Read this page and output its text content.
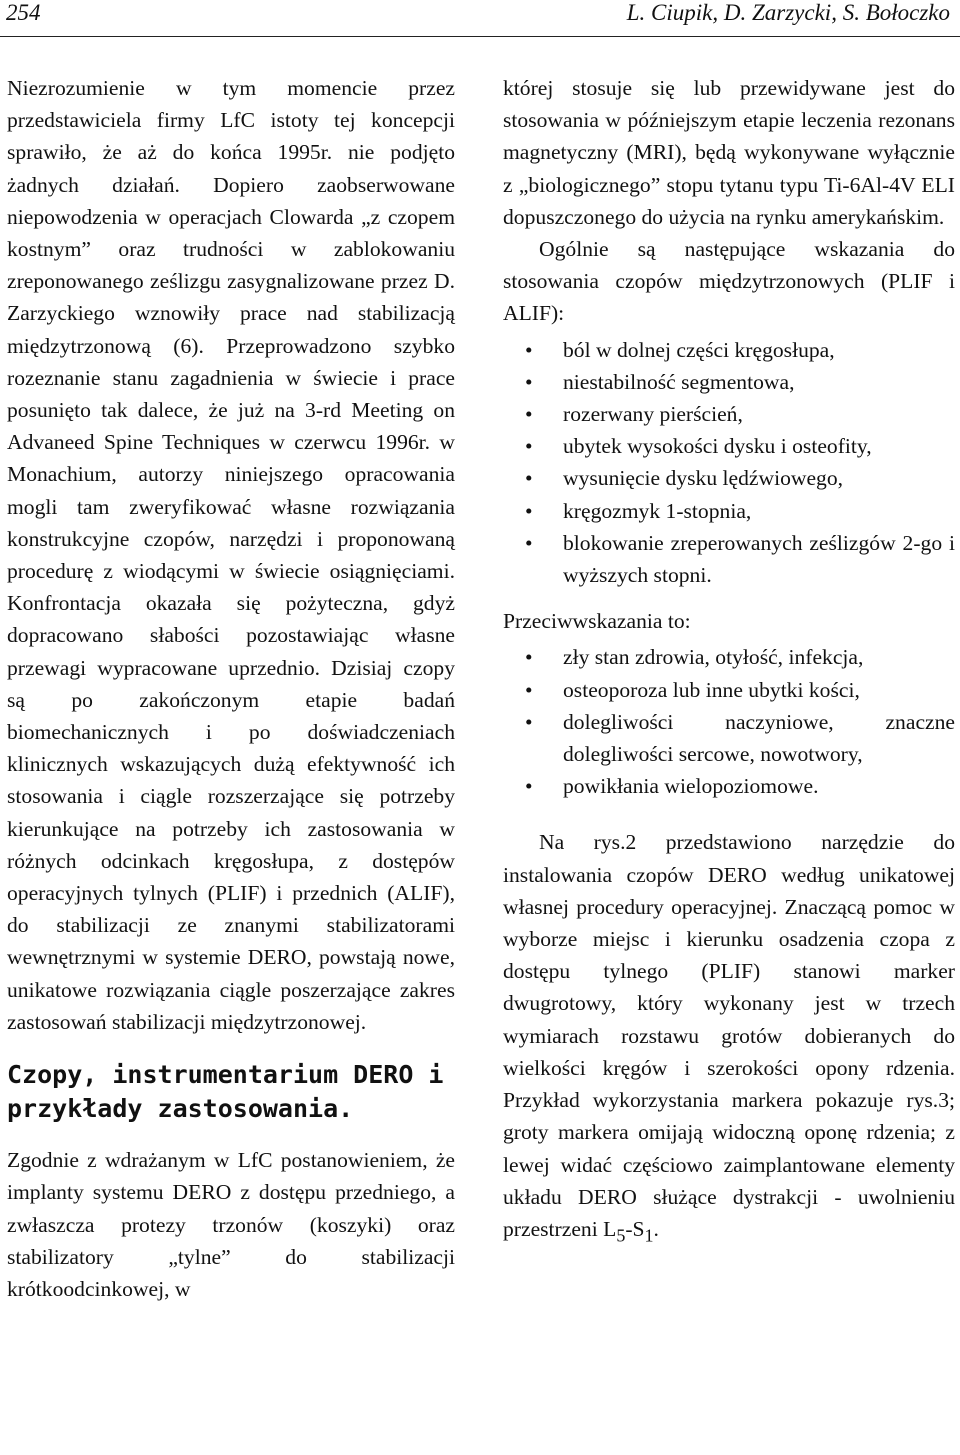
254	L. Ciupik, D. Zarzycki, S. Bołoczko

Niezrozumienie w tym momencie przez przedstawiciela firmy LfC istoty tej koncepcji sprawiło, że aż do końca 1995r. nie podjęto żadnych działań. Dopiero zaobserwowane niepowodzenia w operacjach Clowarda „z czopem kostnym” oraz trudności w zablokowaniu zreponowanego ześlizgu zasygnalizowane przez D. Zarzyckiego wznowiły prace nad stabilizacją międzytrzonową (6). Przeprowadzono szybko rozeznanie stanu zagadnienia w świecie i prace posunięto tak dalece, że już na 3-rd Meeting on Advaneed Spine Techniques w czerwcu 1996r. w Monachium, autorzy niniejszego opracowania mogli tam zweryfikować własne rozwiązania konstrukcyjne czopów, narzędzi i proponowaną procedurę z wiodącymi w świecie osiągnięciami. Konfrontacja okazała się pożyteczna, gdyż dopracowano słabości pozostawiając własne przewagi wypracowane uprzednio. Dzisiaj czopy są po zakończonym etapie badań biomechanicznych i po doświadczeniach klinicznych wskazujących dużą efektywność ich stosowania i ciągle rozszerzające się potrzeby kierunkujące na potrzeby ich zastosowania w różnych odcinkach kręgosłupa, z dostępów operacyjnych tylnych (PLIF) i przednich (ALIF), do stabilizacji ze znanymi stabilizatorami wewnętrznymi w systemie DERO, powstają nowe, unikatowe rozwiązania ciągle poszerzające zakres zastosowań stabilizacji międzytrzonowej.

Czopy, instrumentarium DERO i przykłady zastosowania.

Zgodnie z wdrażanym w LfC postanowieniem, że implanty systemu DERO z dostępu przedniego, a zwłaszcza protezy trzonów (koszyki) oraz stabilizatory „tylne” do stabilizacji krótkoodcinkowej, w

której stosuje się lub przewidywane jest do stosowania w późniejszym etapie leczenia rezonans magnetyczny (MRI), będą wykonywane wyłącznie z „biologicznego” stopu tytanu typu Ti-6Al-4V ELI dopuszczonego do użycia na rynku amerykańskim.

Ogólnie są następujące wskazania do stosowania czopów międzytrzonowych (PLIF i ALIF):

• ból w dolnej części kręgosłupa,
• niestabilność segmentowa,
• rozerwany pierścień,
• ubytek wysokości dysku i osteofity,
• wysunięcie dysku lędźwiowego,
• kręgozmyk 1-stopnia,
• blokowanie zreperowanych ześlizgów 2-go i wyższych stopni.

Przeciwwskazania to:

• zły stan zdrowia, otyłość, infekcja,
• osteoporoza lub inne ubytki kości,
• dolegliwości naczyniowe, znaczne dolegliwości sercowe, nowotwory,
• powikłania wielopoziomowe.

Na rys.2 przedstawiono narzędzie do instalowania czopów DERO według unikatowej własnej procedury operacyjnej. Znaczącą pomoc w wyborze miejsc i kierunku osadzenia czopa z dostępu tylnego (PLIF) stanowi marker dwugrotowy, który wykonany jest w trzech wymiarach rozstawu grotów dobieranych do wielkości kręgów i szerokości opony rdzenia. Przykład wykorzystania markera pokazuje rys.3; groty markera omijają widoczną oponę rdzenia; z lewej widać częściowo zaimplantowane elementy układu DERO służące dystrakcji - uwolnieniu przestrzeni $L_5-S_1$.
